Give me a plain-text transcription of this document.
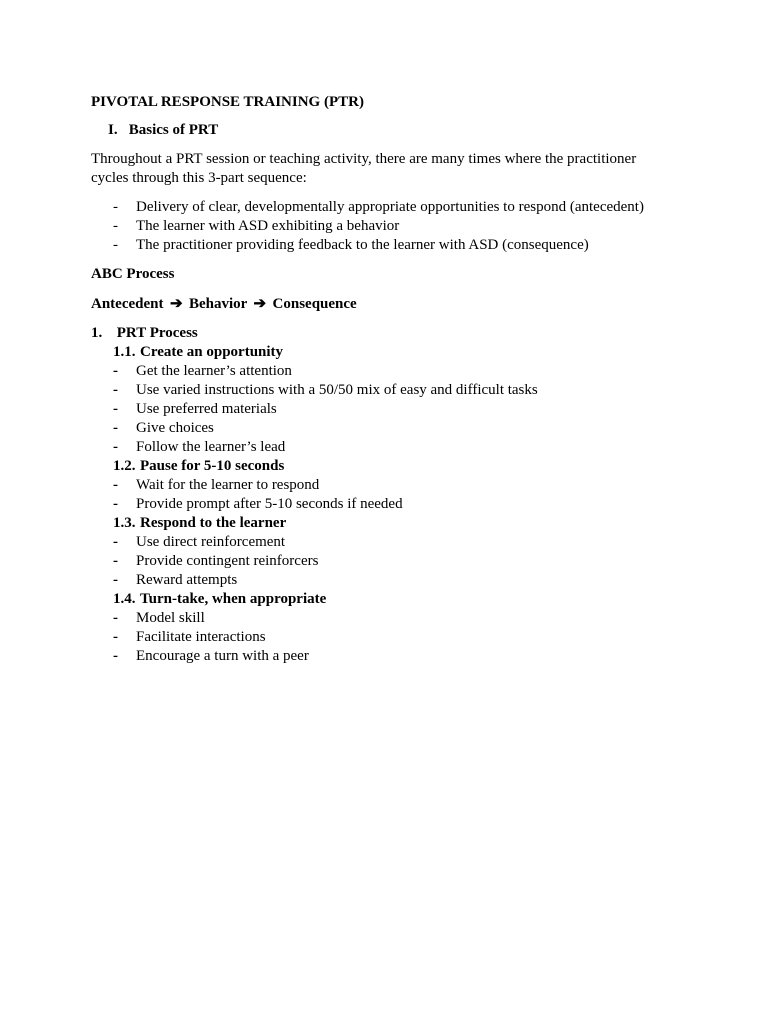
PIVOTAL RESPONSE TRAINING (PTR)
I. Basics of PRT
Throughout a PRT session or teaching activity, there are many times where the practitioner cycles through this 3-part sequence:
- Delivery of clear, developmentally appropriate opportunities to respond (antecedent)
- The learner with ASD exhibiting a behavior
- The practitioner providing feedback to the learner with ASD (consequence)
ABC Process
Antecedent ➔ Behavior ➔ Consequence
1. PRT Process
1.1. Create an opportunity
- Get the learner’s attention
- Use varied instructions with a 50/50 mix of easy and difficult tasks
- Use preferred materials
- Give choices
- Follow the learner’s lead
1.2. Pause for 5-10 seconds
- Wait for the learner to respond
- Provide prompt after 5-10 seconds if needed
1.3. Respond to the learner
- Use direct reinforcement
- Provide contingent reinforcers
- Reward attempts
1.4. Turn-take, when appropriate
- Model skill
- Facilitate interactions
- Encourage a turn with a peer
